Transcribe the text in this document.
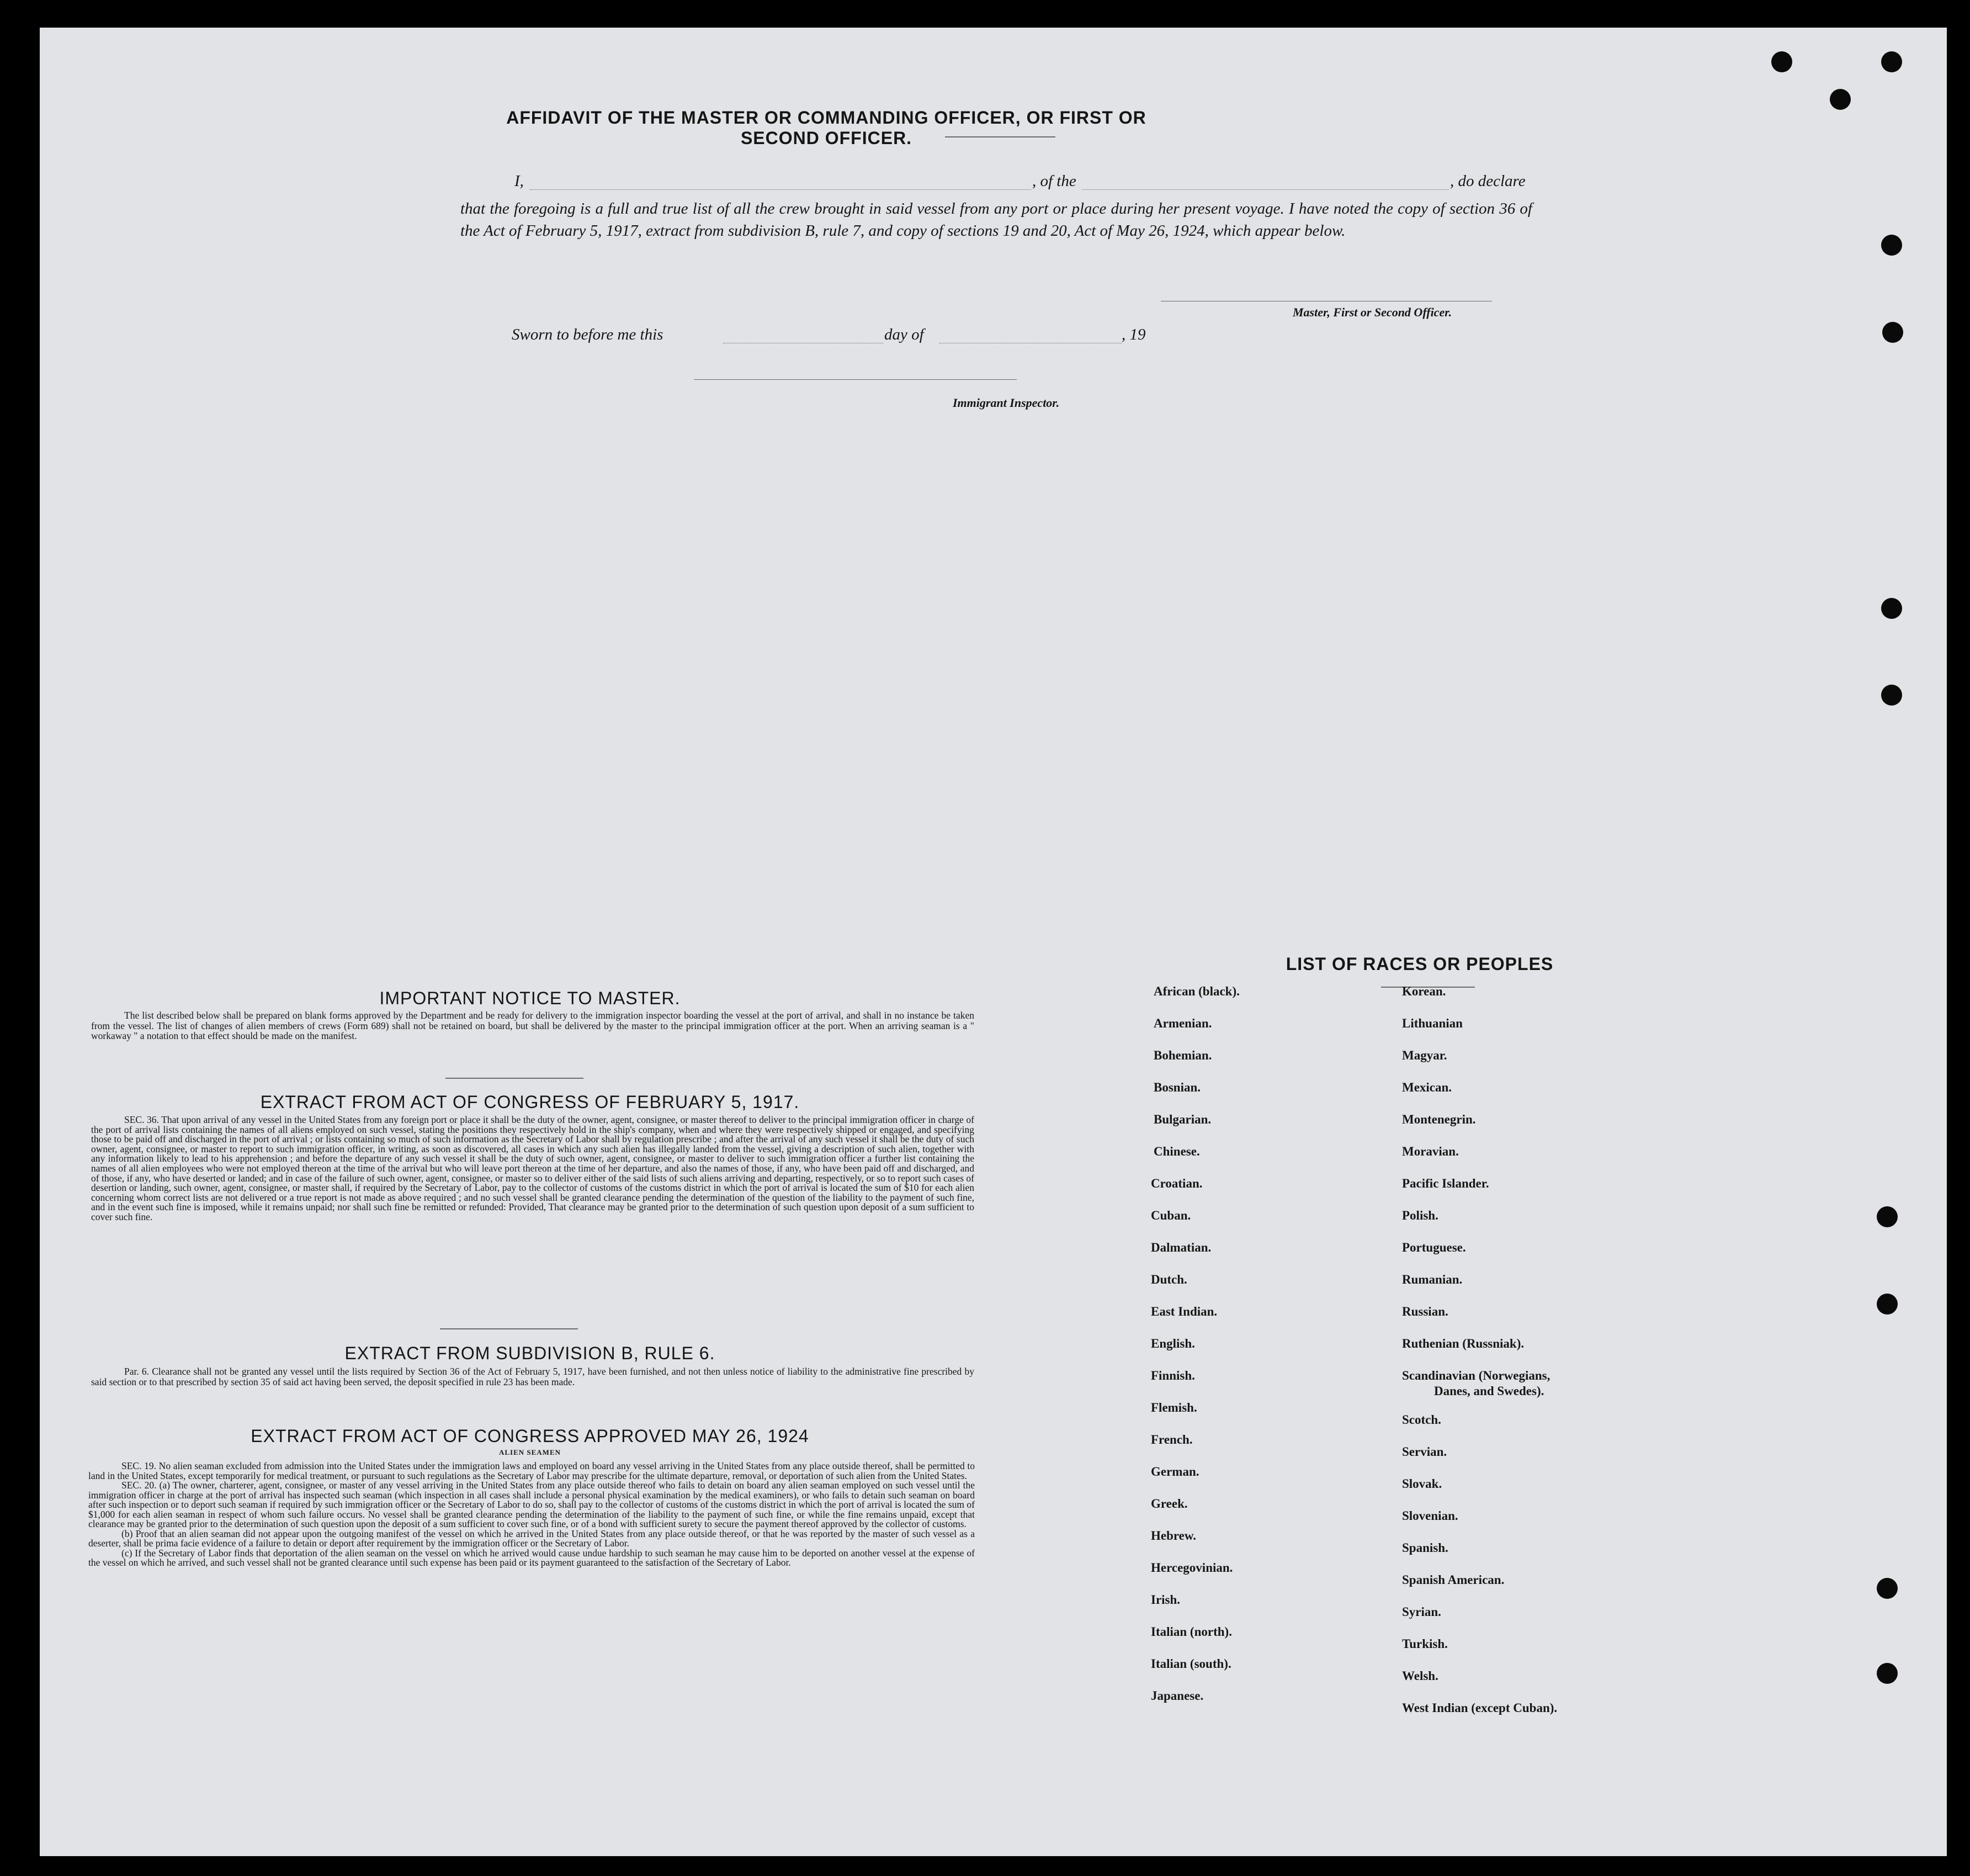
AFFIDAVIT OF THE MASTER OR COMMANDING OFFICER, OR FIRST OR SECOND OFFICER.
I,	, of the	, do declare
that the foregoing is a full and true list of all the crew brought in said vessel from any port or place during her present voyage. I have noted the copy of section 36 of the Act of February 5, 1917, extract from subdivision B, rule 7, and copy of sections 19 and 20, Act of May 26, 1924, which appear below.
Master, First or Second Officer.
Sworn to before me this	day of	, 19
Immigrant Inspector.
IMPORTANT NOTICE TO MASTER.
The list described below shall be prepared on blank forms approved by the Department and be ready for delivery to the immigration inspector boarding the vessel at the port of arrival, and shall in no instance be taken from the vessel. The list of changes of alien members of crews (Form 689) shall not be retained on board, but shall be delivered by the master to the principal immigration officer at the port. When an arriving seaman is a " workaway " a notation to that effect should be made on the manifest.
EXTRACT FROM ACT OF CONGRESS OF FEBRUARY 5, 1917.
SEC. 36. That upon arrival of any vessel in the United States from any foreign port or place it shall be the duty of the owner, agent, consignee, or master thereof to deliver to the principal immigration officer in charge of the port of arrival lists containing the names of all aliens employed on such vessel, stating the positions they respectively hold in the ship's company, when and where they were respectively shipped or engaged, and specifying those to be paid off and discharged in the port of arrival ; or lists containing so much of such information as the Secretary of Labor shall by regulation prescribe ; and after the arrival of any such vessel it shall be the duty of such owner, agent, consignee, or master to report to such immigration officer, in writing, as soon as discovered, all cases in which any such alien has illegally landed from the vessel, giving a description of such alien, together with any information likely to lead to his apprehension ; and before the departure of any such vessel it shall be the duty of such owner, agent, consignee, or master to deliver to such immigration officer a further list containing the names of all alien employees who were not employed thereon at the time of the arrival but who will leave port thereon at the time of her departure, and also the names of those, if any, who have been paid off and discharged, and of those, if any, who have deserted or landed; and in case of the failure of such owner, agent, consignee, or master so to deliver either of the said lists of such aliens arriving and departing, respectively, or so to report such cases of desertion or landing, such owner, agent, consignee, or master shall, if required by the Secretary of Labor, pay to the collector of customs of the customs district in which the port of arrival is located the sum of $10 for each alien concerning whom correct lists are not delivered or a true report is not made as above required ; and no such vessel shall be granted clearance pending the determination of the question of the liability to the payment of such fine, and in the event such fine is imposed, while it remains unpaid; nor shall such fine be remitted or refunded: Provided, That clearance may be granted prior to the determination of such question upon deposit of a sum sufficient to cover such fine.
EXTRACT FROM SUBDIVISION B, RULE 6.
Par. 6. Clearance shall not be granted any vessel until the lists required by Section 36 of the Act of February 5, 1917, have been furnished, and not then unless notice of liability to the administrative fine prescribed by said section or to that prescribed by section 35 of said act having been served, the deposit specified in rule 23 has been made.
EXTRACT FROM ACT OF CONGRESS APPROVED MAY 26, 1924
ALIEN SEAMEN
SEC. 19. No alien seaman excluded from admission into the United States under the immigration laws and employed on board any vessel arriving in the United States from any place outside thereof, shall be permitted to land in the United States, except temporarily for medical treatment, or pursuant to such regulations as the Secretary of Labor may prescribe for the ultimate departure, removal, or deportation of such alien from the United States.
SEC. 20. (a) The owner, charterer, agent, consignee, or master of any vessel arriving in the United States from any place outside thereof who fails to detain on board any alien seaman employed on such vessel until the immigration officer in charge at the port of arrival has inspected such seaman (which inspection in all cases shall include a personal physical examination by the medical examiners), or who fails to detain such seaman on board after such inspection or to deport such seaman if required by such immigration officer or the Secretary of Labor to do so, shall pay to the collector of customs of the customs district in which the port of arrival is located the sum of $1,000 for each alien seaman in respect of whom such failure occurs. No vessel shall be granted clearance pending the determination of the liability to the payment of such fine, or while the fine remains unpaid, except that clearance may be granted prior to the determination of such question upon the deposit of a sum sufficient to cover such fine, or of a bond with sufficient surety to secure the payment thereof approved by the collector of customs.
(b) Proof that an alien seaman did not appear upon the outgoing manifest of the vessel on which he arrived in the United States from any place outside thereof, or that he was reported by the master of such vessel as a deserter, shall be prima facie evidence of a failure to detain or deport after requirement by the immigration officer or the Secretary of Labor.
(c) If the Secretary of Labor finds that deportation of the alien seaman on the vessel on which he arrived would cause undue hardship to such seaman he may cause him to be deported on another vessel at the expense of the vessel on which he arrived, and such vessel shall not be granted clearance until such expense has been paid or its payment guaranteed to the satisfaction of the Secretary of Labor.
LIST OF RACES OR PEOPLES
African (black).
Armenian.
Bohemian.
Bosnian.
Bulgarian.
Chinese.
Croatian.
Cuban.
Dalmatian.
Dutch.
East Indian.
English.
Finnish.
Flemish.
French.
German.
Greek.
Hebrew.
Hercegovinian.
Irish.
Italian (north).
Italian (south).
Japanese.
Korean.
Lithuanian
Magyar.
Mexican.
Montenegrin.
Moravian.
Pacific Islander.
Polish.
Portuguese.
Rumanian.
Russian.
Ruthenian (Russniak).
Scandinavian (Norwegians,
Danes, and Swedes).
Scotch.
Servian.
Slovak.
Slovenian.
Spanish.
Spanish American.
Syrian.
Turkish.
Welsh.
West Indian (except Cuban).
